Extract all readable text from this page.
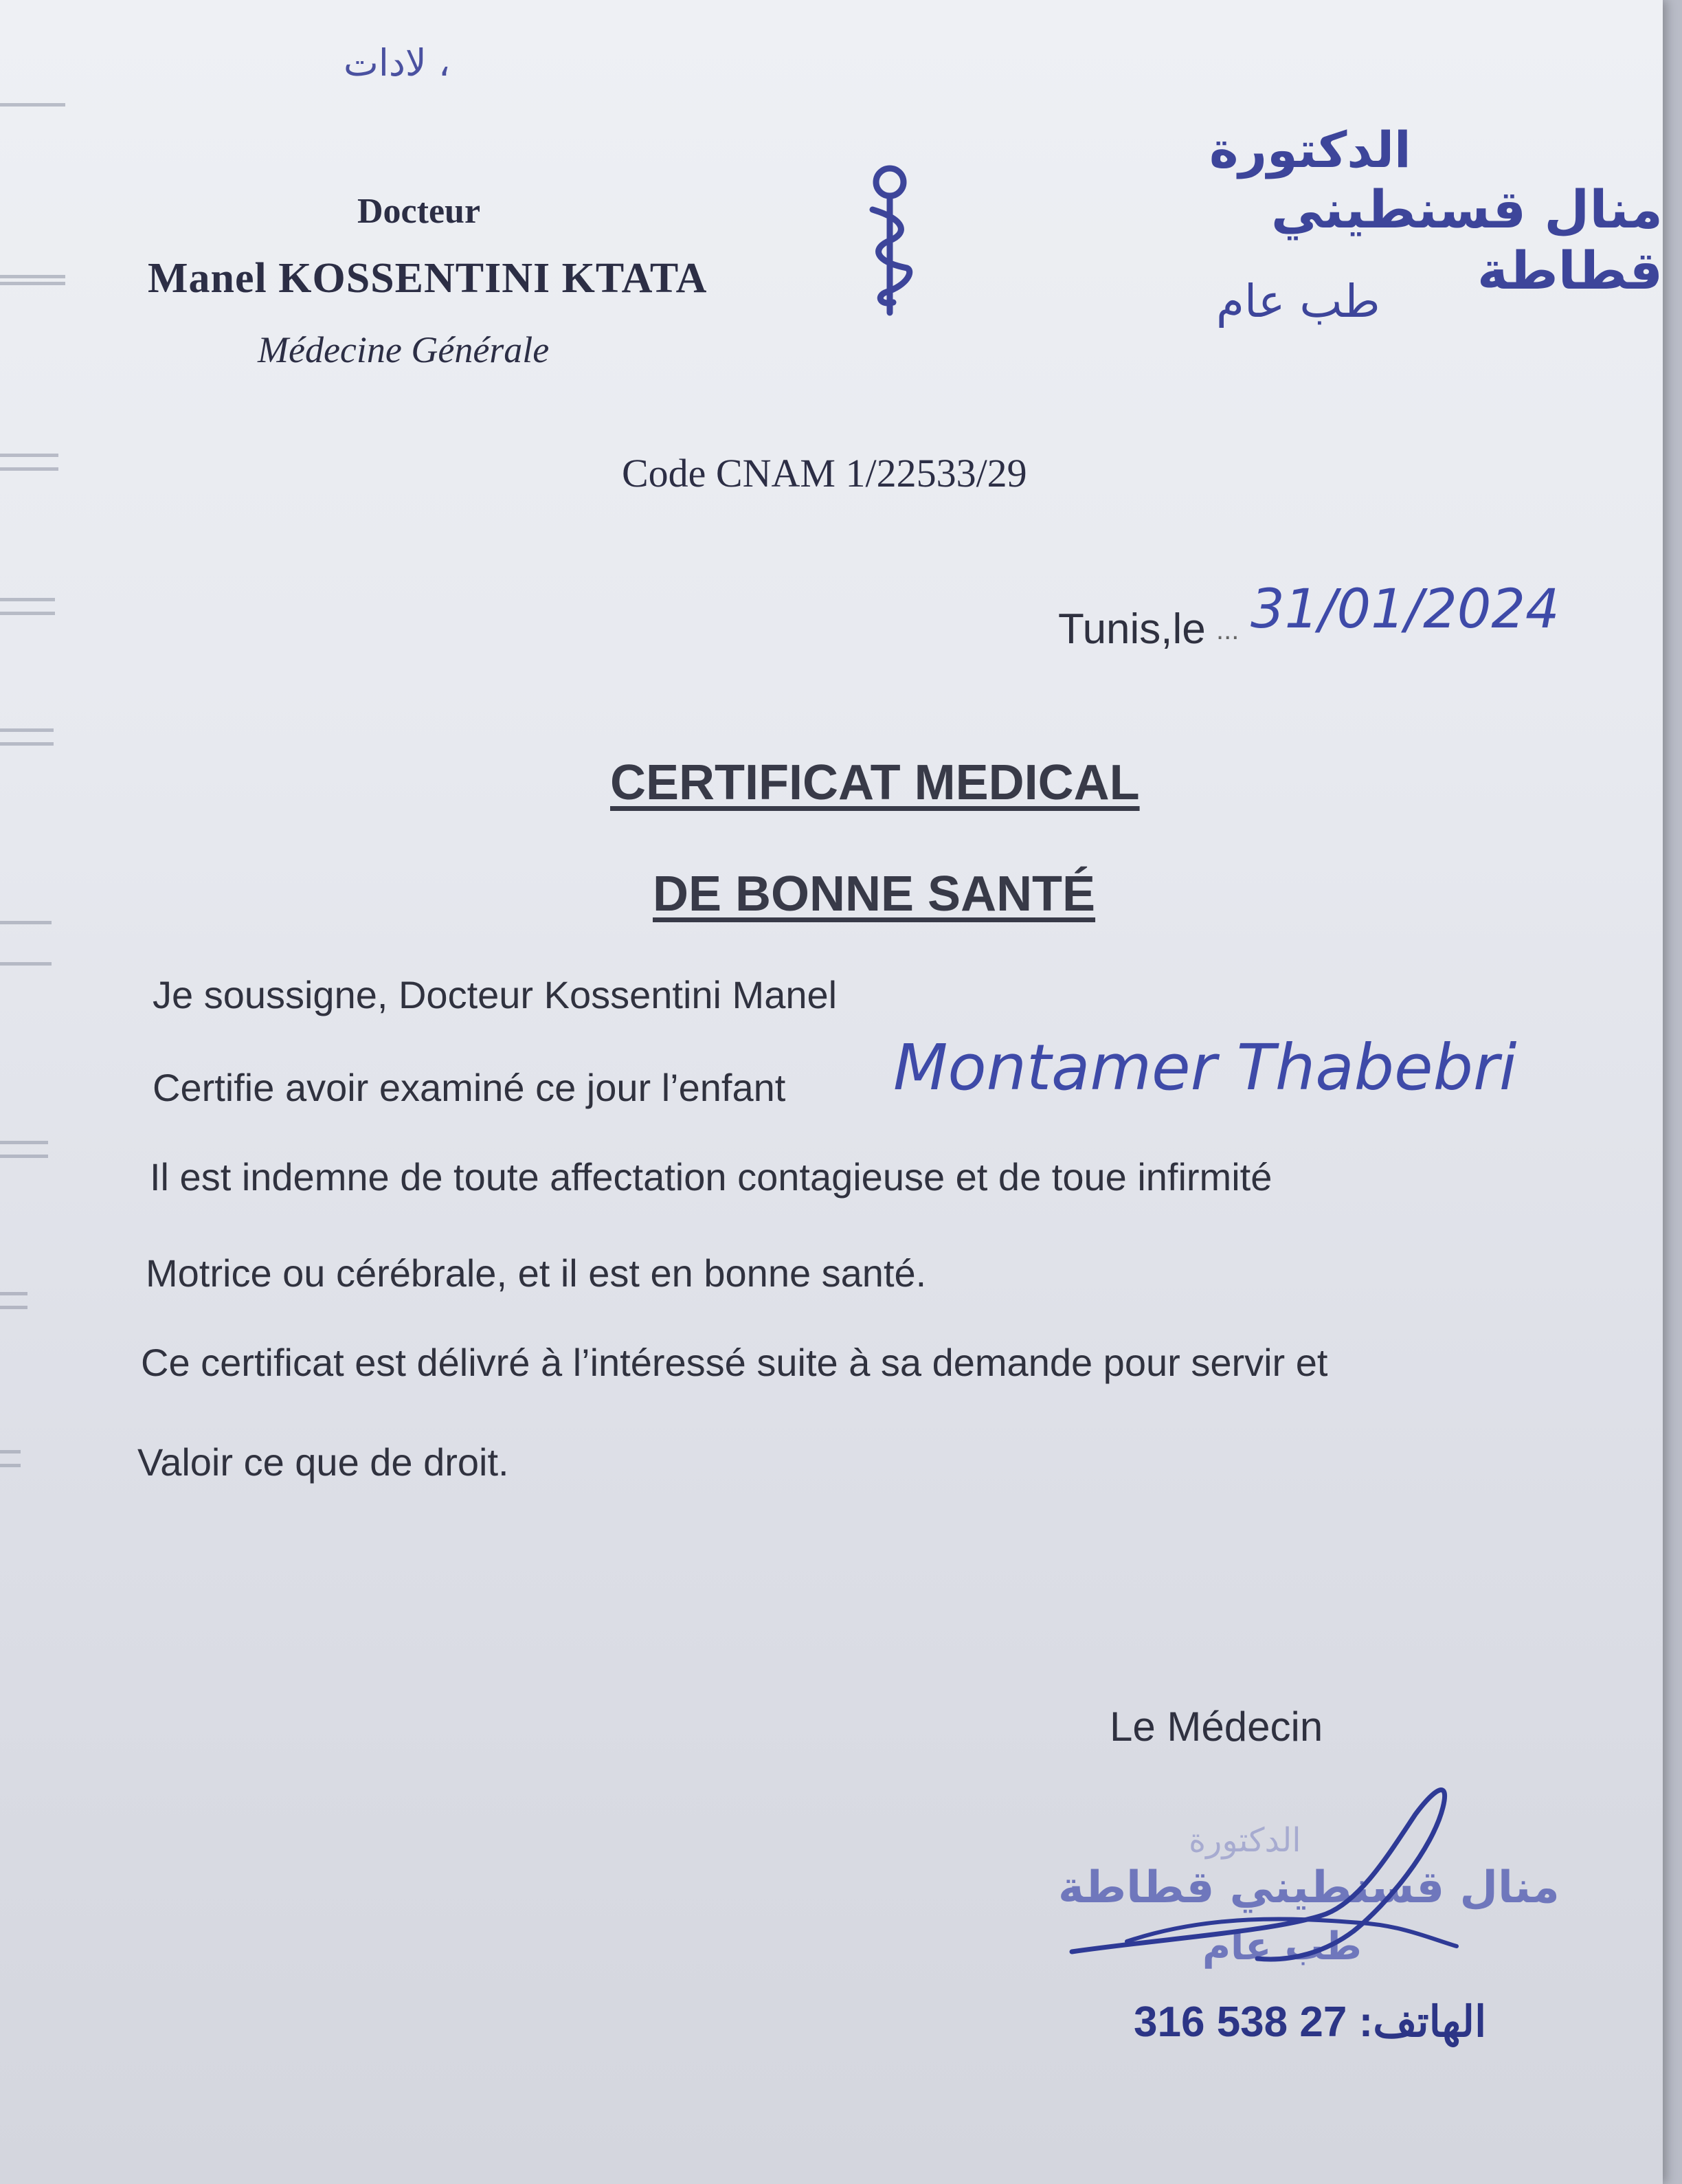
، لادات
Docteur
Manel KOSSENTINI KTATA
Médecine Générale
الدكتورة
منال قسنطيني قطاطة
طب عام
Code CNAM 1/22533/29
Tunis,le ... 31/01/2024
CERTIFICAT MEDICAL
DE BONNE SANTÉ
Je soussigne, Docteur Kossentini Manel
Certifie avoir examiné ce jour l’enfant Montamer Thabebri
Il est indemne de toute affectation contagieuse et de toue infirmité
Motrice ou cérébrale, et il est en bonne santé.
Ce certificat est délivré à l’intéressé suite à sa demande pour servir et
Valoir ce que de droit.
Le Médecin
الدكتورة
منال قسنطيني قطاطة
طب عام
الهاتف: 27 538 316
